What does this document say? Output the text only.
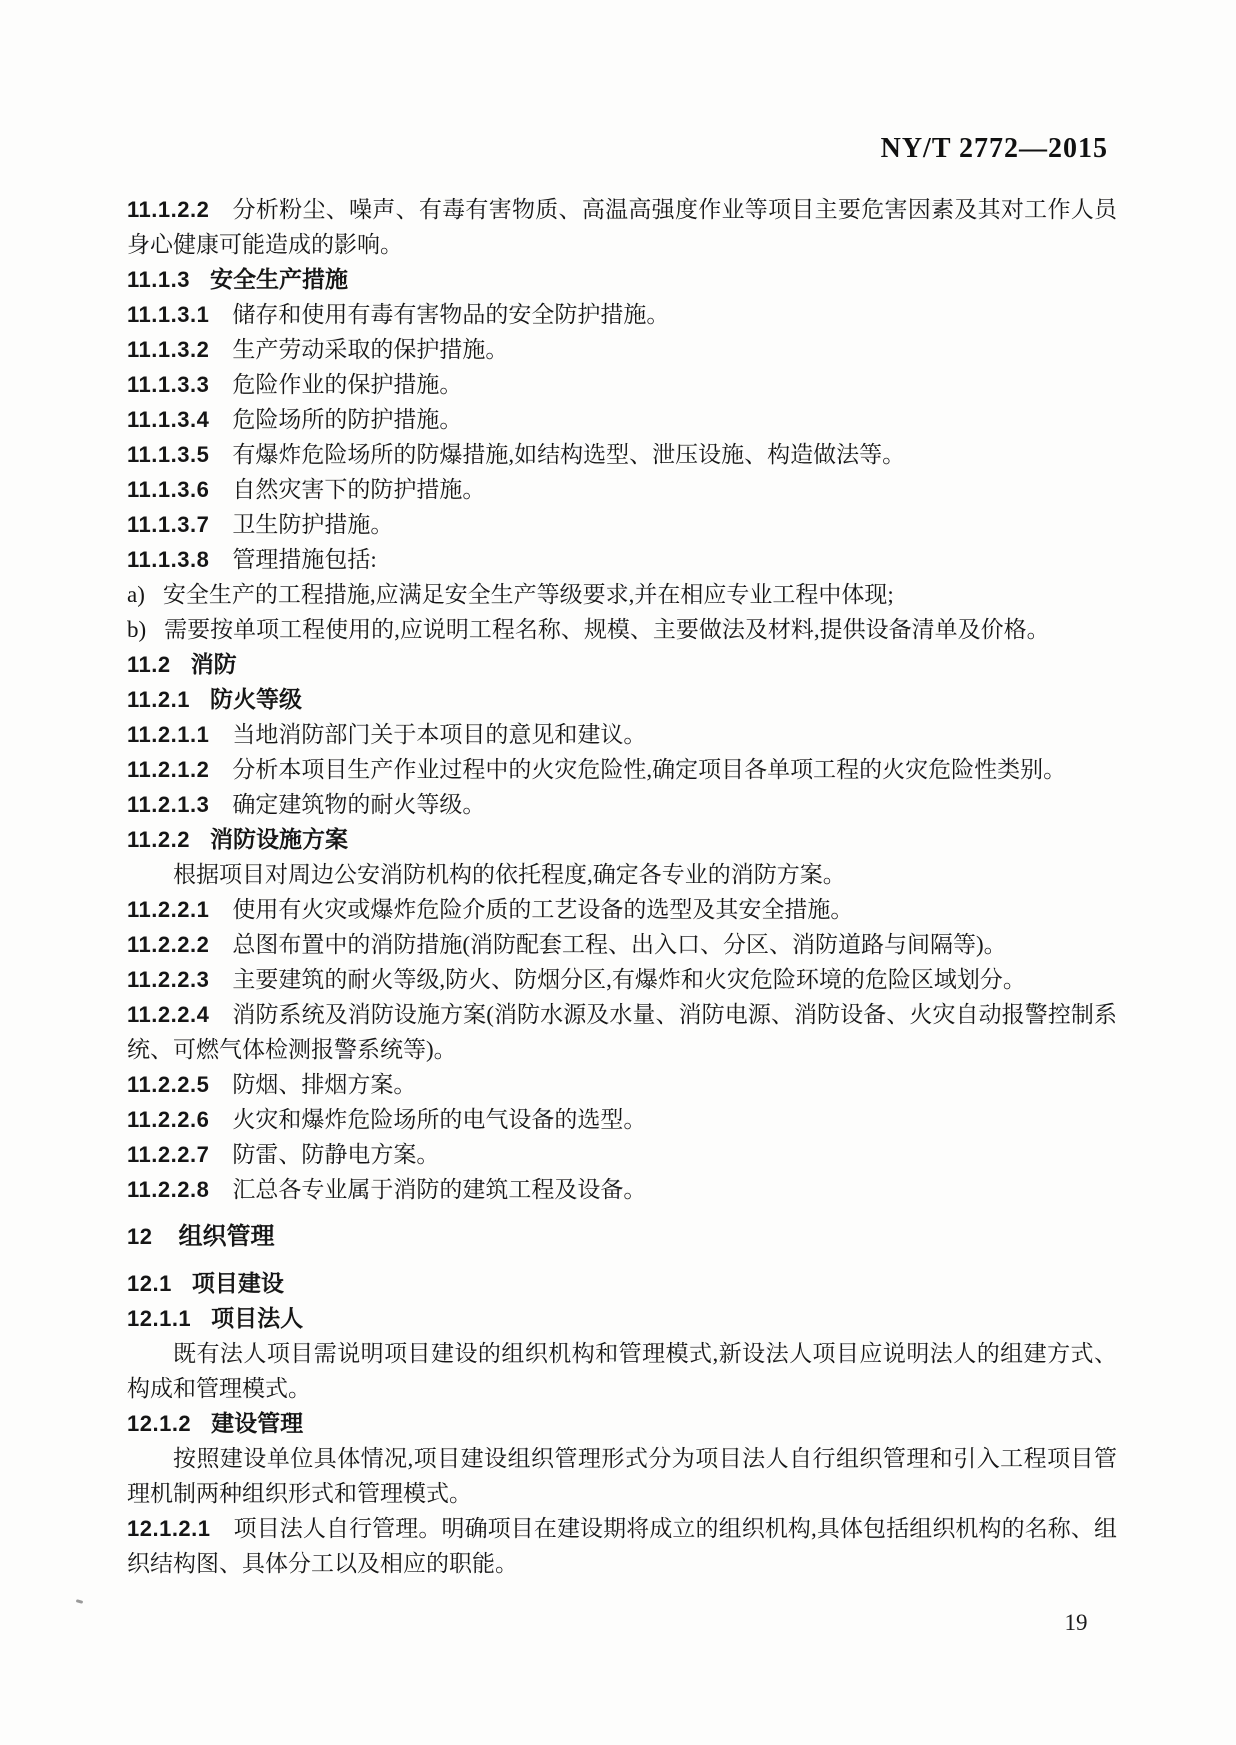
NY/T 2772—2015

11.1.2.2 分析粉尘、噪声、有毒有害物质、高温高强度作业等项目主要危害因素及其对工作人员身心健康可能造成的影响。

11.1.3 安全生产措施

11.1.3.1 储存和使用有毒有害物品的安全防护措施。

11.1.3.2 生产劳动采取的保护措施。

11.1.3.3 危险作业的保护措施。

11.1.3.4 危险场所的防护措施。

11.1.3.5 有爆炸危险场所的防爆措施,如结构选型、泄压设施、构造做法等。

11.1.3.6 自然灾害下的防护措施。

11.1.3.7 卫生防护措施。

11.1.3.8 管理措施包括:

a) 安全生产的工程措施,应满足安全生产等级要求,并在相应专业工程中体现;

b) 需要按单项工程使用的,应说明工程名称、规模、主要做法及材料,提供设备清单及价格。

11.2 消防

11.2.1 防火等级

11.2.1.1 当地消防部门关于本项目的意见和建议。

11.2.1.2 分析本项目生产作业过程中的火灾危险性,确定项目各单项工程的火灾危险性类别。

11.2.1.3 确定建筑物的耐火等级。

11.2.2 消防设施方案

根据项目对周边公安消防机构的依托程度,确定各专业的消防方案。

11.2.2.1 使用有火灾或爆炸危险介质的工艺设备的选型及其安全措施。

11.2.2.2 总图布置中的消防措施(消防配套工程、出入口、分区、消防道路与间隔等)。

11.2.2.3 主要建筑的耐火等级,防火、防烟分区,有爆炸和火灾危险环境的危险区域划分。

11.2.2.4 消防系统及消防设施方案(消防水源及水量、消防电源、消防设备、火灾自动报警控制系统、可燃气体检测报警系统等)。

11.2.2.5 防烟、排烟方案。

11.2.2.6 火灾和爆炸危险场所的电气设备的选型。

11.2.2.7 防雷、防静电方案。

11.2.2.8 汇总各专业属于消防的建筑工程及设备。

12 组织管理

12.1 项目建设

12.1.1 项目法人

既有法人项目需说明项目建设的组织机构和管理模式,新设法人项目应说明法人的组建方式、构成和管理模式。

12.1.2 建设管理

按照建设单位具体情况,项目建设组织管理形式分为项目法人自行组织管理和引入工程项目管理机制两种组织形式和管理模式。

12.1.2.1 项目法人自行管理。明确项目在建设期将成立的组织机构,具体包括组织机构的名称、组织结构图、具体分工以及相应的职能。

19
